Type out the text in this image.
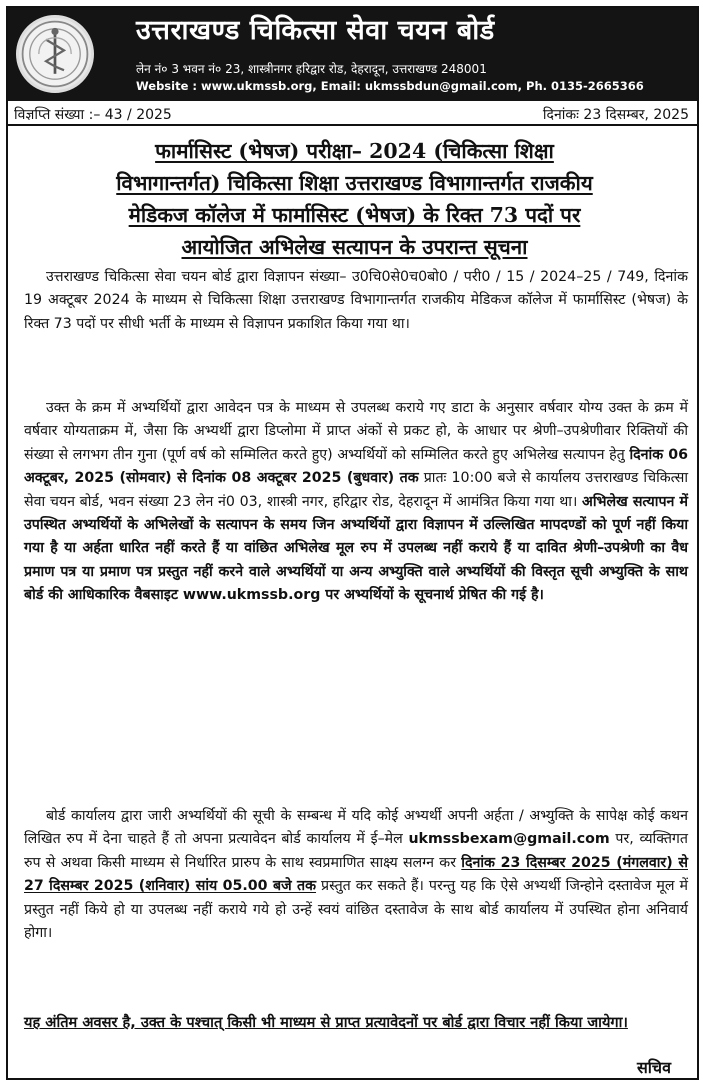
उत्तराखण्ड चिकित्सा सेवा चयन बोर्ड
लेन नं० 3 भवन नं० 23, शास्त्रीनगर हरिद्वार रोड, देहरादून, उत्तराखण्ड 248001
Website : www.ukmssb.org, Email: ukmssbdun@gmail.com, Ph. 0135-2665366
विज्ञप्ति संख्या :– 43 / 2025	दिनांकः 23 दिसम्बर, 2025
फार्मासिस्ट (भेषज) परीक्षा– 2024 (चिकित्सा शिक्षा
विभागान्तर्गत) चिकित्सा शिक्षा उत्तराखण्ड विभागान्तर्गत राजकीय
मेडिकज कॉलेज में फार्मासिस्ट (भेषज) के रिक्त 73 पदों पर
आयोजित अभिलेख सत्यापन के उपरान्त सूचना

उत्तराखण्ड चिकित्सा सेवा चयन बोर्ड द्वारा विज्ञापन संख्या– उ0चि0से0च0बो0 / परी0 / 15 / 2024–25 / 749, दिनांक 19 अक्टूबर 2024 के माध्यम से चिकित्सा शिक्षा उत्तराखण्ड विभागान्तर्गत राजकीय मेडिकज कॉलेज में फार्मासिस्ट (भेषज) के रिक्त 73 पदों पर सीधी भर्ती के माध्यम से विज्ञापन प्रकाशित किया गया था।

उक्त के क्रम में अभ्यर्थियों द्वारा आवेदन पत्र के माध्यम से उपलब्ध कराये गए डाटा के अनुसार वर्षवार योग्य उक्त के क्रम में वर्षवार योग्यताक्रम में, जैसा कि अभ्यर्थी द्वारा डिप्लोमा में प्राप्त अंकों से प्रकट हो, के आधार पर श्रेणी–उपश्रेणीवार रिक्तियों की संख्या से लगभग तीन गुना (पूर्ण वर्ष को सम्मिलित करते हुए) अभ्यर्थियों को सम्मिलित करते हुए अभिलेख सत्यापन हेतु दिनांक 06 अक्टूबर, 2025 (सोमवार) से दिनांक 08 अक्टूबर 2025 (बुधवार) तक प्रातः 10:00 बजे से कार्यालय उत्तराखण्ड चिकित्सा सेवा चयन बोर्ड, भवन संख्या 23 लेन नं0 03, शास्त्री नगर, हरिद्वार रोड, देहरादून में आमंत्रित किया गया था। अभिलेख सत्यापन में उपस्थित अभ्यर्थियों के अभिलेखों के सत्यापन के समय जिन अभ्यर्थियों द्वारा विज्ञापन में उल्लिखित मापदण्डों को पूर्ण नहीं किया गया है या अर्हता धारित नहीं करते हैं या वांछित अभिलेख मूल रुप में उपलब्ध नहीं कराये हैं या दावित श्रेणी–उपश्रेणी का वैध प्रमाण पत्र या प्रमाण पत्र प्रस्तुत नहीं करने वाले अभ्यर्थियों या अन्य अभ्युक्ति वाले अभ्यर्थियों की विस्तृत सूची अभ्युक्ति के साथ बोर्ड की आधिकारिक वैबसाइट www.ukmssb.org पर अभ्यर्थियों के सूचनार्थ प्रेषित की गई है।

बोर्ड कार्यालय द्वारा जारी अभ्यर्थियों की सूची के सम्बन्ध में यदि कोई अभ्यर्थी अपनी अर्हता / अभ्युक्ति के सापेक्ष कोई कथन लिखित रुप में देना चाहते हैं तो अपना प्रत्यावेदन बोर्ड कार्यालय में ई–मेल ukmssbexam@gmail.com पर, व्यक्तिगत रुप से अथवा किसी माध्यम से निर्धारित प्रारुप के साथ स्वप्रमाणित साक्ष्य सलग्न कर दिनांक 23 दिसम्बर 2025 (मंगलवार) से 27 दिसम्बर 2025 (शनिवार) सांय 05.00 बजे तक प्रस्तुत कर सकते हैं। परन्तु यह कि ऐसे अभ्यर्थी जिन्होने दस्तावेज मूल में प्रस्तुत नहीं किये हो या उपलब्ध नहीं कराये गये हो उन्हें स्वयं वांछित दस्तावेज के साथ बोर्ड कार्यालय में उपस्थित होना अनिवार्य होगा।

यह अंतिम अवसर है, उक्त के पश्चात् किसी भी माध्यम से प्राप्त प्रत्यावेदनों पर बोर्ड द्वारा विचार नहीं किया जायेगा।

सचिव
